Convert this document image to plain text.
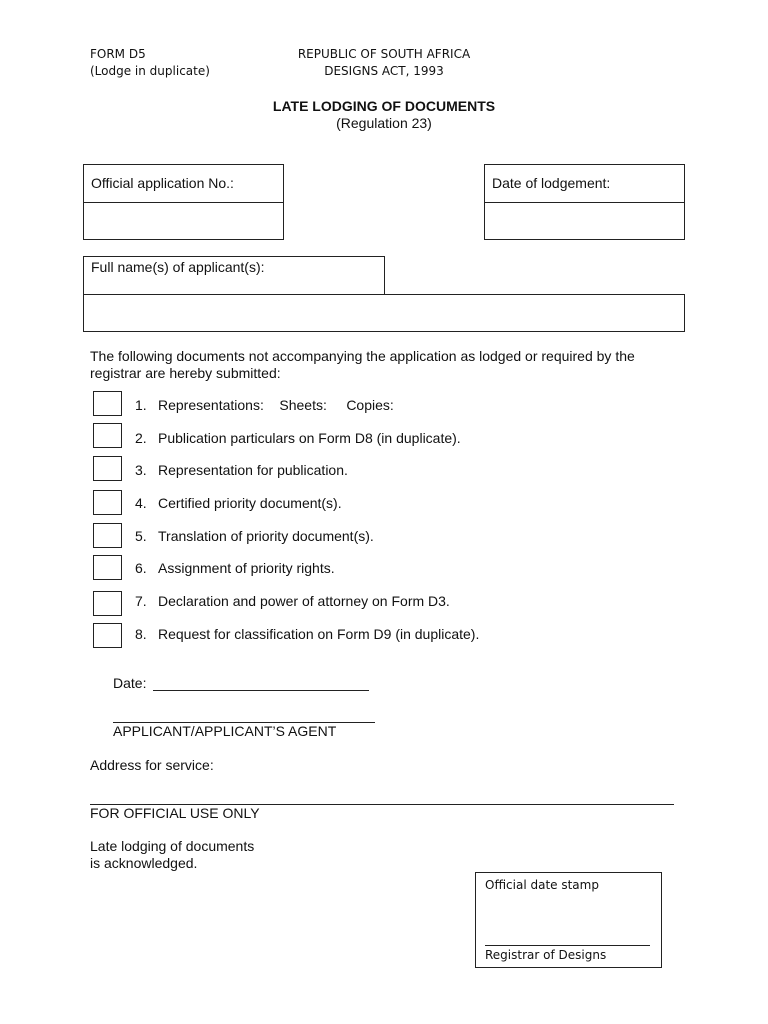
FORM D5
(Lodge in duplicate)
REPUBLIC OF SOUTH AFRICA
DESIGNS ACT, 1993
LATE LODGING OF DOCUMENTS
(Regulation 23)
Official application No.:	Date of lodgement:
Full name(s) of applicant(s):
The following documents not accompanying the application as lodged or required by the registrar are hereby submitted:
1. Representations:    Sheets:     Copies:
2. Publication particulars on Form D8 (in duplicate).
3. Representation for publication.
4. Certified priority document(s).
5. Translation of priority document(s).
6. Assignment of priority rights.
7. Declaration and power of attorney on Form D3.
8. Request for classification on Form D9 (in duplicate).
Date:
APPLICANT/APPLICANT’S AGENT
Address for service:
FOR OFFICIAL USE ONLY
Late lodging of documents
is acknowledged.
Official date stamp
Registrar of Designs
